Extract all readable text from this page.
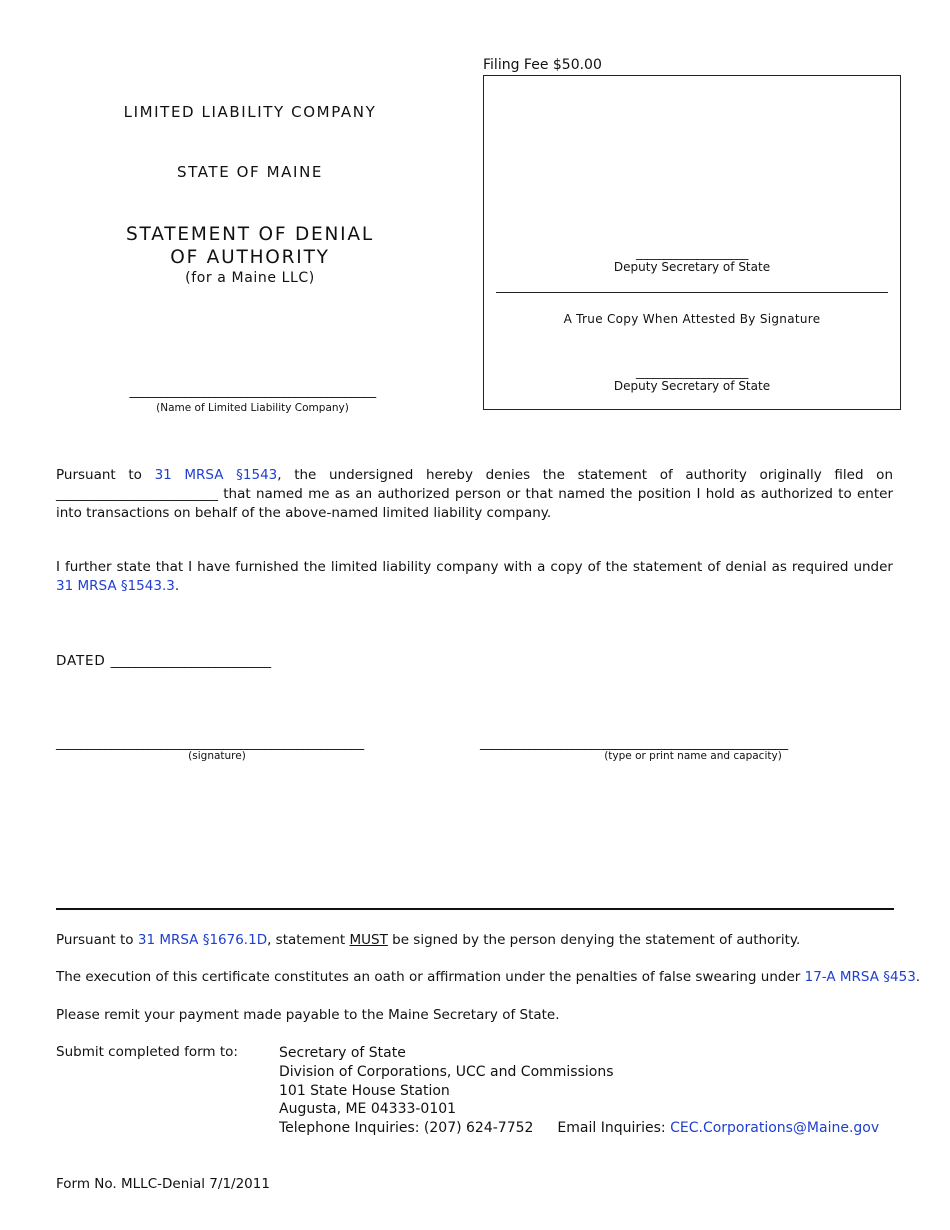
LIMITED LIABILITY COMPANY
STATE OF MAINE
STATEMENT OF DENIAL
OF AUTHORITY
(for a Maine LLC)
________________________________________
(Name of Limited Liability Company)
Filing Fee $50.00
____________________
Deputy Secretary of State
A True Copy When Attested By Signature
____________________
Deputy Secretary of State
Pursuant to 31 MRSA §1543, the undersigned hereby denies the statement of authority originally filed on ________________________ that named me as an authorized person or that named the position I hold as authorized to enter into transactions on behalf of the above-named limited liability company.
I further state that I have furnished the limited liability company with a copy of the statement of denial as required under 31 MRSA §1543.3.
DATED __________________________
__________________________________________________
(signature)
__________________________________________________
(type or print name and capacity)
Pursuant to 31 MRSA §1676.1D, statement MUST be signed by the person denying the statement of authority.
The execution of this certificate constitutes an oath or affirmation under the penalties of false swearing under 17-A MRSA §453.
Please remit your payment made payable to the Maine Secretary of State.
Submit completed form to:	Secretary of State
Division of Corporations, UCC and Commissions
101 State House Station
Augusta, ME 04333-0101
Telephone Inquiries: (207) 624-7752 Email Inquiries: CEC.Corporations@Maine.gov
Form No. MLLC-Denial 7/1/2011
